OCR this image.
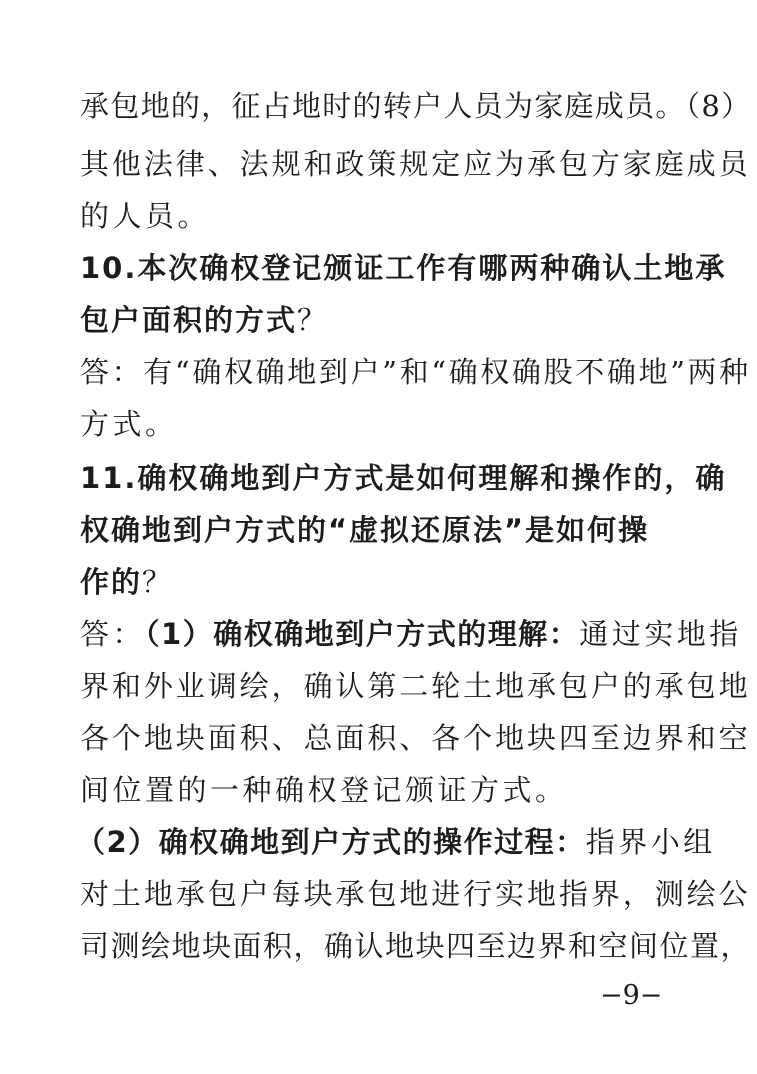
承包地的，征占地时的转户人员为家庭成员。（8）
其他法律、法规和政策规定应为承包方家庭成员
的人员。
10.本次确权登记颁证工作有哪两种确认土地承
包户面积的方式？
答：有“确权确地到户”和“确权确股不确地”两种
方式。
11.确权确地到户方式是如何理解和操作的，确
权确地到户方式的“虚拟还原法”是如何操
作的？
答：（1）确权确地到户方式的理解：通过实地指
界和外业调绘，确认第二轮土地承包户的承包地
各个地块面积、总面积、各个地块四至边界和空
间位置的一种确权登记颁证方式。
（2）确权确地到户方式的操作过程：指界小组
对土地承包户每块承包地进行实地指界，测绘公
司测绘地块面积，确认地块四至边界和空间位置，
−9−
